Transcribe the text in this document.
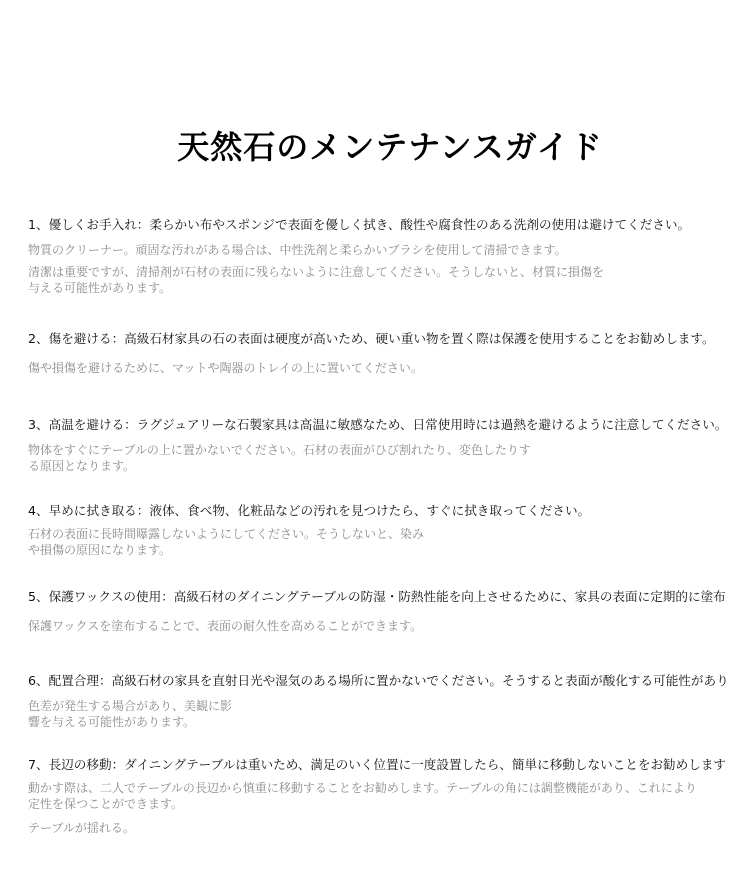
天然石のメンテナンスガイド
1、優しくお手入れ：柔らかい布やスポンジで表面を優しく拭き、酸性や腐食性のある洗剤の使用は避けてください。

物質のクリーナー。頑固な汚れがある場合は、中性洗剤と柔らかいブラシを使用して清掃できます。

清潔は重要ですが、清掃剤が石材の表面に残らないように注意してください。そうしないと、材質に損傷を
与える可能性があります。

2、傷を避ける：高級石材家具の石の表面は硬度が高いため、硬い重い物を置く際は保護を使用することをお勧めします。

傷や損傷を避けるために、マットや陶器のトレイの上に置いてください。

3、高温を避ける：ラグジュアリーな石製家具は高温に敏感なため、日常使用時には過熱を避けるように注意してください。

物体をすぐにテーブルの上に置かないでください。石材の表面がひび割れたり、変色したりす
る原因となります。

4、早めに拭き取る：液体、食べ物、化粧品などの汚れを見つけたら、すぐに拭き取ってください。

石材の表面に長時間曝露しないようにしてください。そうしないと、染み
や損傷の原因になります。

5、保護ワックスの使用：高級石材のダイニングテーブルの防湿・防熱性能を向上させるために、家具の表面に定期的に塗布

保護ワックスを塗布することで、表面の耐久性を高めることができます。

6、配置合理：高級石材の家具を直射日光や湿気のある場所に置かないでください。そうすると表面が酸化する可能性があり

色差が発生する場合があり、美観に影
響を与える可能性があります。

7、長辺の移動：ダイニングテーブルは重いため、満足のいく位置に一度設置したら、簡単に移動しないことをお勧めします

動かす際は、二人でテーブルの長辺から慎重に移動することをお勧めします。テーブルの角には調整機能があり、これにより
定性を保つことができます。

テーブルが揺れる。
